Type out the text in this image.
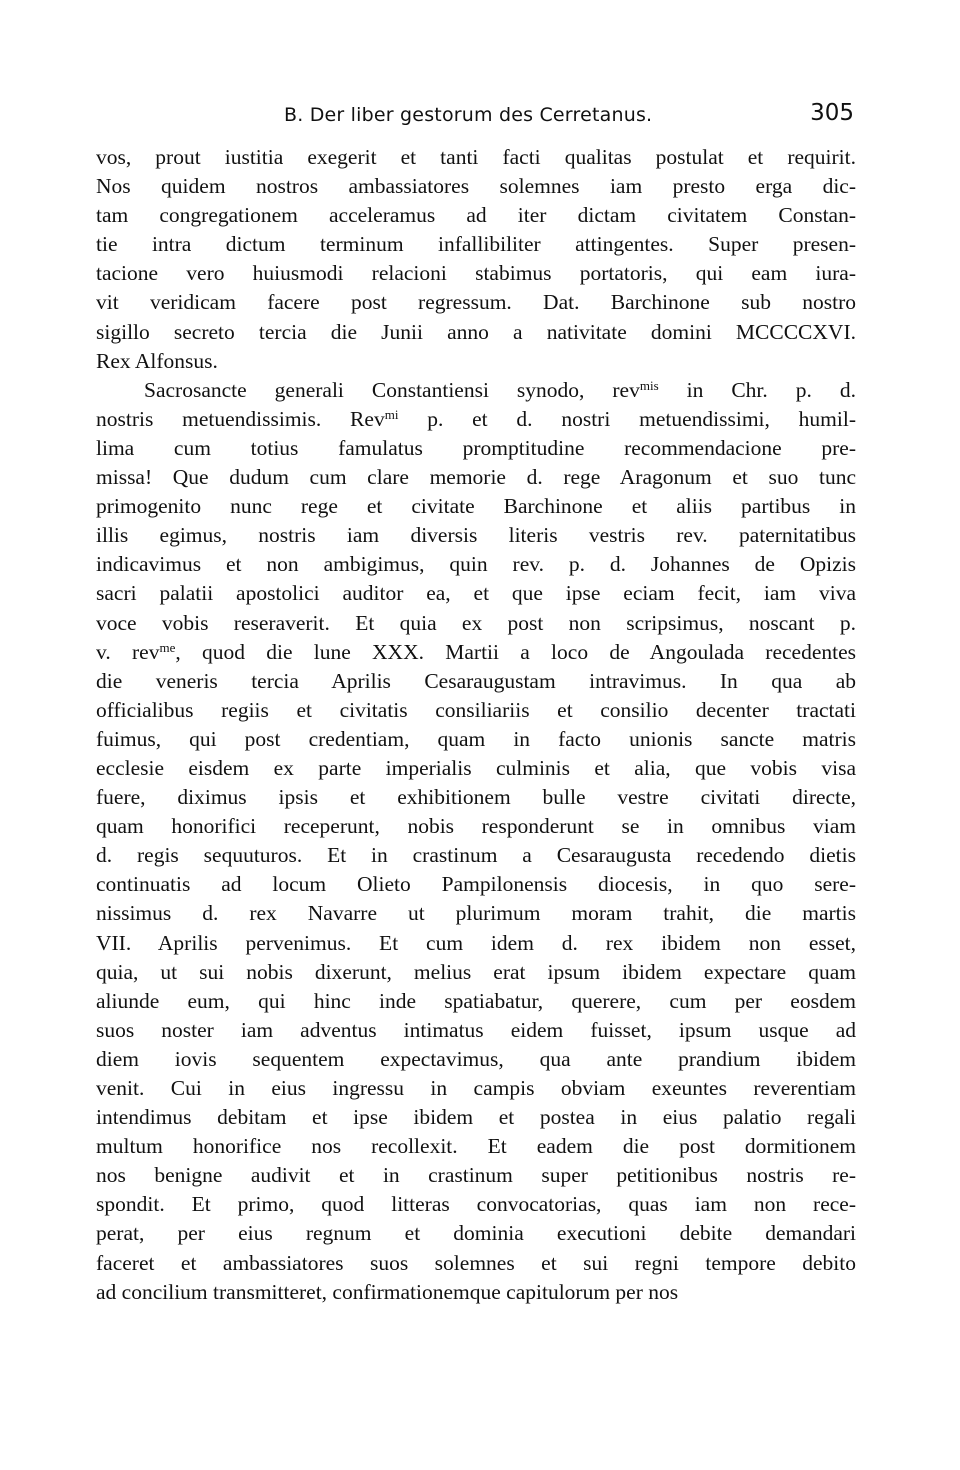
B. Der liber gestorum des Cerretanus.	305
vos, prout iustitia exegerit et tanti facti qualitas postulat et requirit.
Nos quidem nostros ambassiatores solemnes iam presto erga dic-
tam congregationem acceleramus ad iter dictam civitatem Constan-
tie intra dictum terminum infallibiliter attingentes. Super presen-
tacione vero huiusmodi relacioni stabimus portatoris, qui eam iura-
vit veridicam facere post regressum. Dat. Barchinone sub nostro
sigillo secreto tercia die Junii anno a nativitate domini MCCCCXVI.
Rex Alfonsus.
Sacrosancte generali Constantiensi synodo, rev$^{mis}$ in Chr. p. d.
nostris metuendissimis. Rev$^{mi}$ p. et d. nostri metuendissimi, humil-
lima cum totius famulatus promptitudine recommendacione pre-
missa! Que dudum cum clare memorie d. rege Aragonum et suo tunc
primogenito nunc rege et civitate Barchinone et aliis partibus in
illis egimus, nostris iam diversis literis vestris rev. paternitatibus
indicavimus et non ambigimus, quin rev. p. d. Johannes de Opizis
sacri palatii apostolici auditor ea, et que ipse eciam fecit, iam viva
voce vobis reseraverit. Et quia ex post non scripsimus, noscant p.
v. rev$^{me}$, quod die lune XXX. Martii a loco de Angoulada recedentes
die veneris tercia Aprilis Cesaraugustam intravimus. In qua ab
officialibus regiis et civitatis consiliariis et consilio decenter tractati
fuimus, qui post credentiam, quam in facto unionis sancte matris
ecclesie eisdem ex parte imperialis culminis et alia, que vobis visa
fuere, diximus ipsis et exhibitionem bulle vestre civitati directe,
quam honorifici receperunt, nobis responderunt se in omnibus viam
d. regis sequuturos. Et in crastinum a Cesaraugusta recedendo dietis
continuatis ad locum Olieto Pampilonensis diocesis, in quo sere-
nissimus d. rex Navarre ut plurimum moram trahit, die martis
VII. Aprilis pervenimus. Et cum idem d. rex ibidem non esset,
quia, ut sui nobis dixerunt, melius erat ipsum ibidem expectare quam
aliunde eum, qui hinc inde spatiabatur, querere, cum per eosdem
suos noster iam adventus intimatus eidem fuisset, ipsum usque ad
diem iovis sequentem expectavimus, qua ante prandium ibidem
venit. Cui in eius ingressu in campis obviam exeuntes reverentiam
intendimus debitam et ipse ibidem et postea in eius palatio regali
multum honorifice nos recollexit. Et eadem die post dormitionem
nos benigne audivit et in crastinum super petitionibus nostris re-
spondit. Et primo, quod litteras convocatorias, quas iam non rece-
perat, per eius regnum et dominia executioni debite demandari
faceret et ambassiatores suos solemnes et sui regni tempore debito
ad concilium transmitteret, confirmationemque capitulorum per nos
